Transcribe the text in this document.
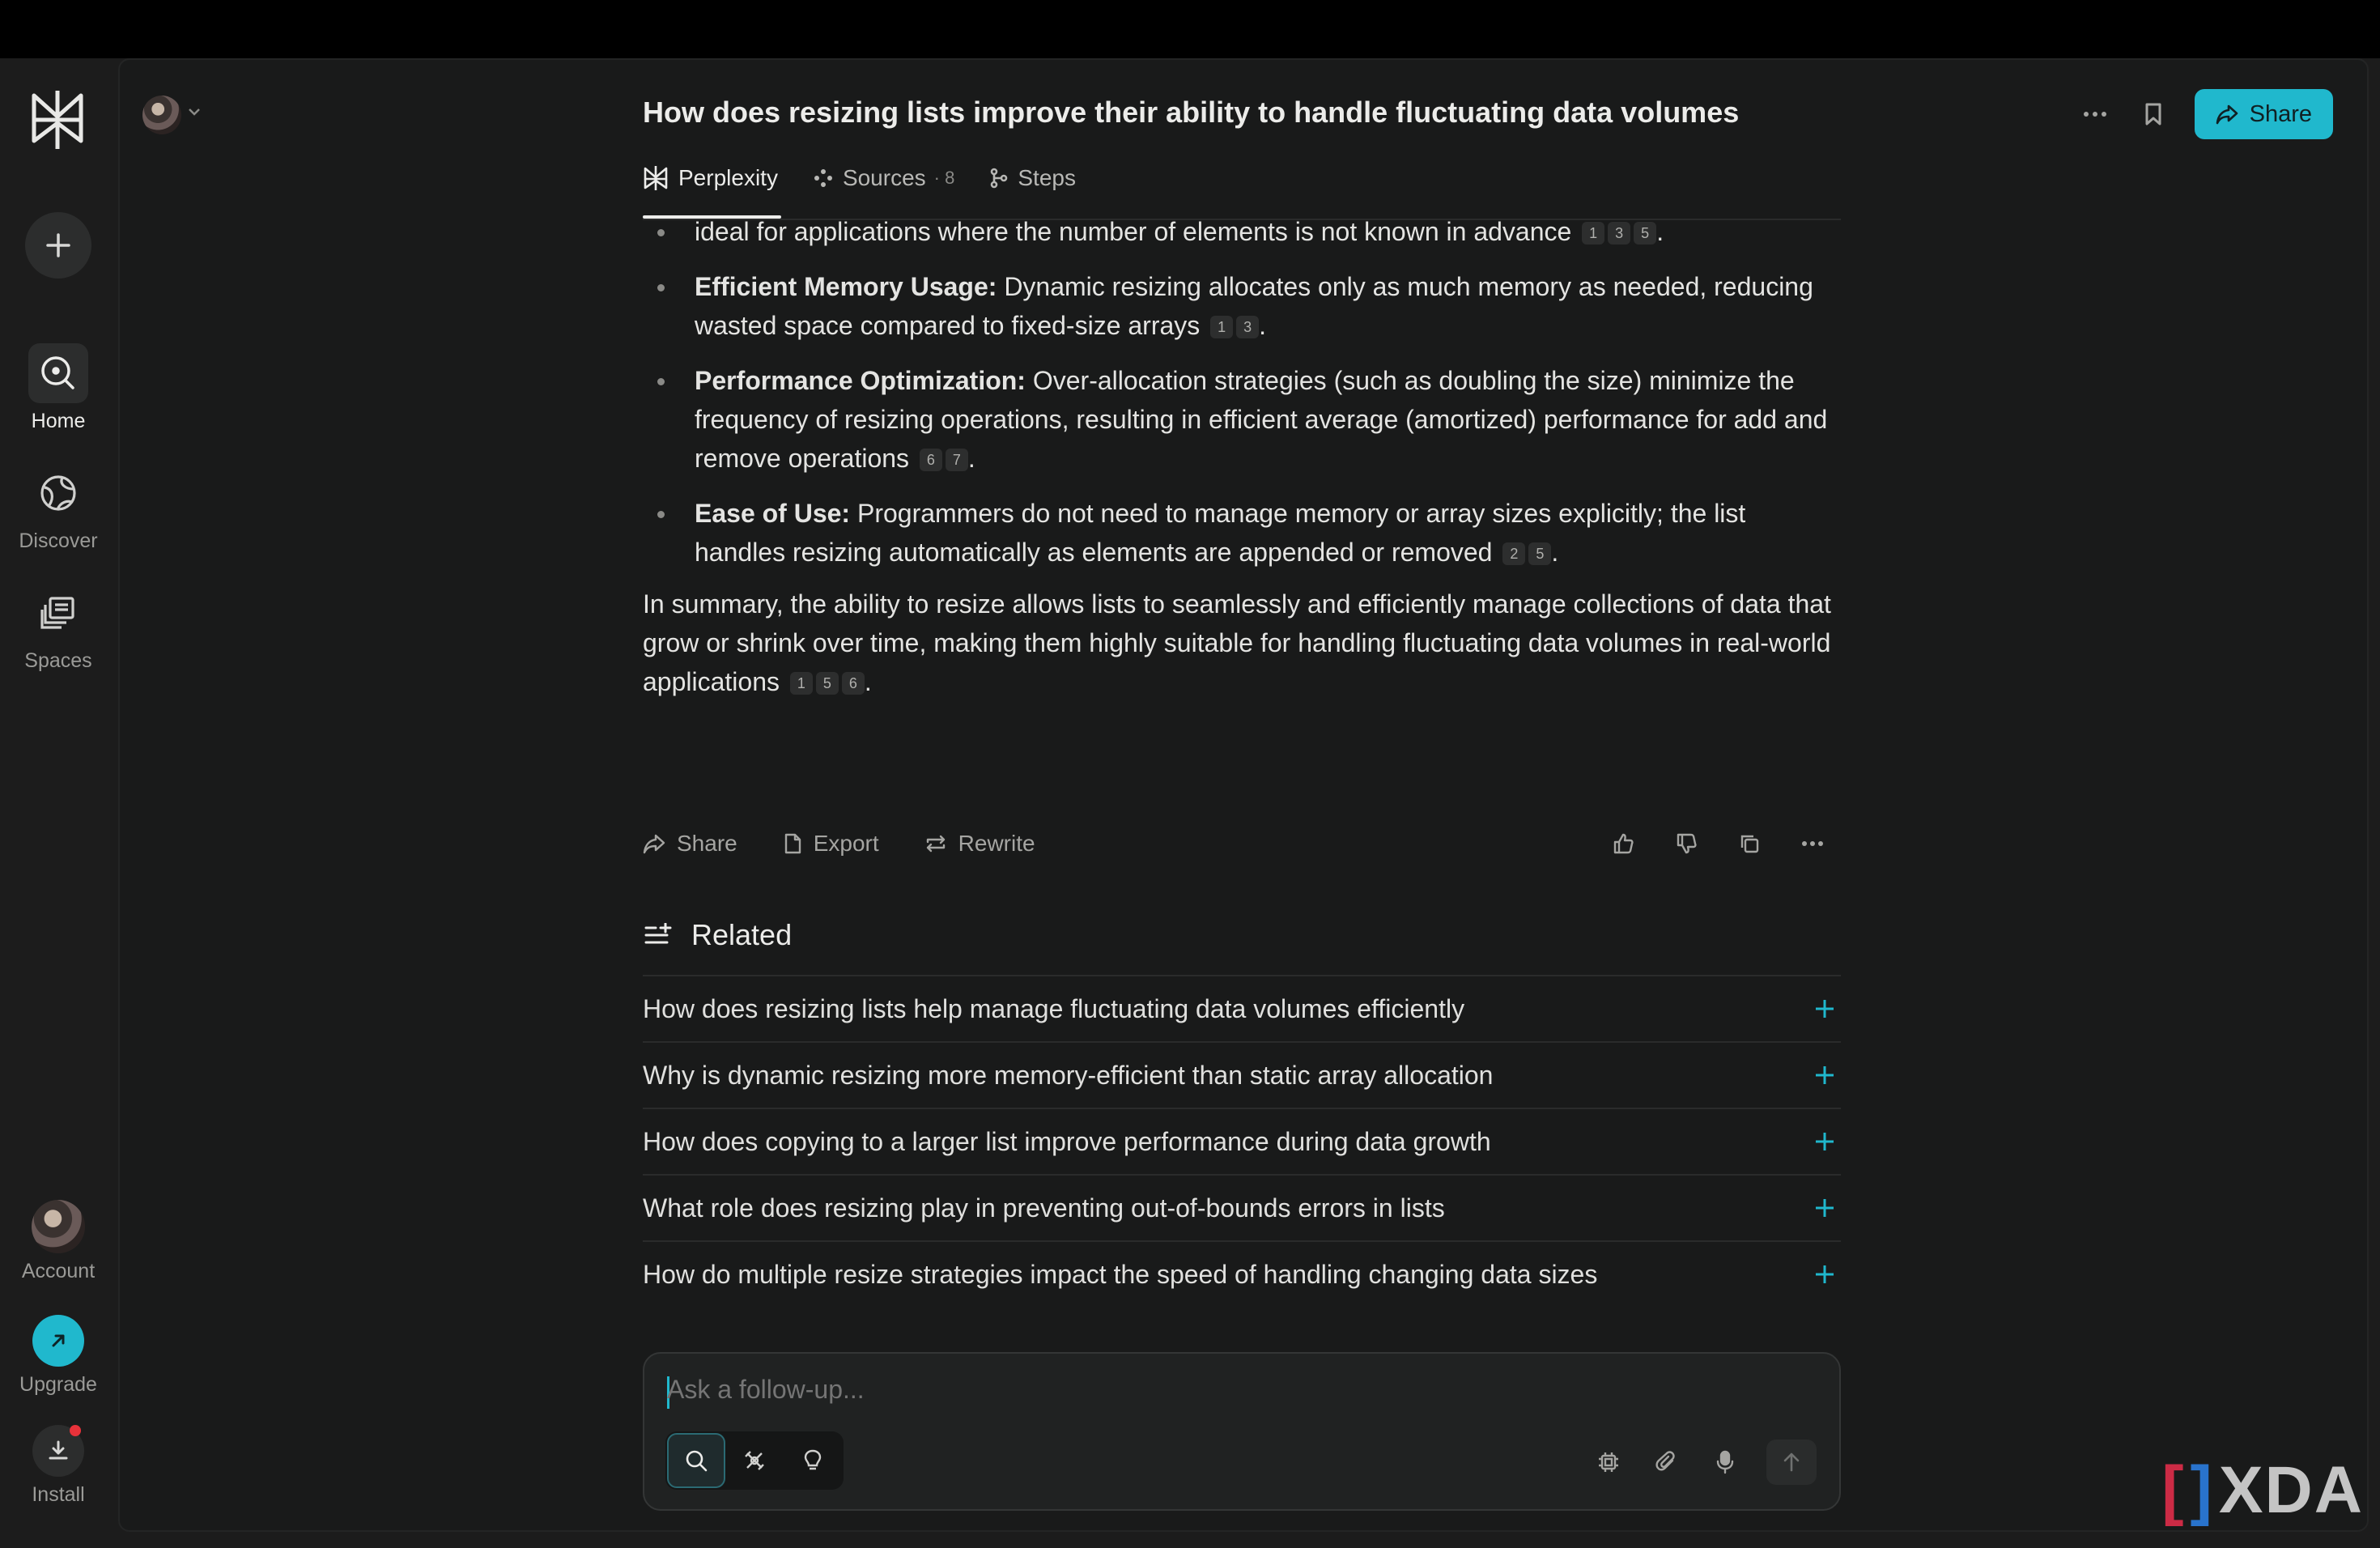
Home
Discover
Spaces
Account
Upgrade
Install
How does resizing lists improve their ability to handle fluctuating data volumes	Share
Perplexity	Sources · 8	Steps
ideal for applications where the number of elements is not known in advance 1 3 5 .
Efficient Memory Usage: Dynamic resizing allocates only as much memory as needed, reducing wasted space compared to fixed-size arrays 1 3 .
Performance Optimization: Over-allocation strategies (such as doubling the size) minimize the frequency of resizing operations, resulting in efficient average (amortized) performance for add and remove operations 6 7 .
Ease of Use: Programmers do not need to manage memory or array sizes explicitly; the list handles resizing automatically as elements are appended or removed 2 5 .

In summary, the ability to resize allows lists to seamlessly and efficiently manage collections of data that grow or shrink over time, making them highly suitable for handling fluctuating data volumes in real-world applications 1 5 6 .

Share	Export	Rewrite
Related
How does resizing lists help manage fluctuating data volumes efficiently
Why is dynamic resizing more memory-efficient than static array allocation
How does copying to a larger list improve performance during data growth
What role does resizing play in preventing out-of-bounds errors in lists
How do multiple resize strategies impact the speed of handling changing data sizes
Ask a follow-up...
[ ] XDA
